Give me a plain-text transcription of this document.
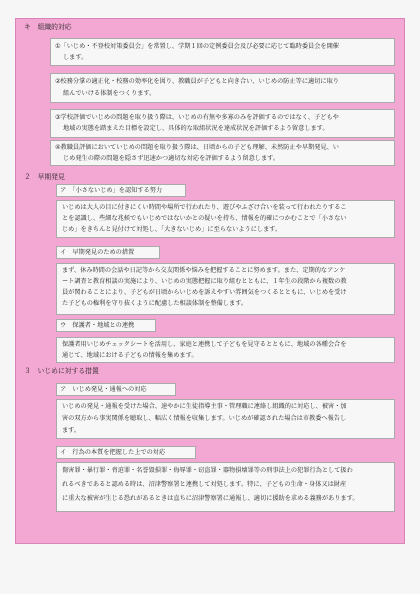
キ　組織的対応
①「いじめ・不登校対策委員会」を常置し、学期１回の定例委員会及び必要に応じて臨時委員会を開催
します。
②校務分掌の適正化・校務の効率化を図り、教職員が子どもと向き合い、いじめの防止等に適切に取り
組んでいける体制をつくります。
③学校評価でいじめの問題を取り扱う際は、いじめの有無や多寡のみを評価するのではなく、子どもや
地域の実態を踏まえた目標を設定し、具体的な取組状況を達成状況を評価するよう留意します。
④教職員評価においていじめの問題を取り扱う際は、日頃からの子ども理解、未然防止や早期発見、い
じめ発生の際の問題を隠さず迅速かつ適切な対応を評価するよう留意します。
２　早期発見
ア　「小さないじめ」を認知する努力
いじめは大人の目に付きにくい時間や場所で行われたり、遊びやふざけ合いを装って行われたりするこ
とを認識し、些細な兆候でもいじめではないかとの疑いを持ち、情報を的確につかむことで「小さない
じめ」をきちんと見付けて対処し、「大きないじめ」に至らないようにします。
イ　早期発見のための措置
まず、休み時間の会話や日記等から交友関係や悩みを把握することに努めます。また、定期的なアンケ
ート調査と教育相談の実施により、いじめの実態把握に取り組むとともに、１年生の段階から複数の教
員が関わることにより、子どもが日頃からいじめを訴えやすい雰囲気をつくるとともに、いじめを受け
た子どもの権利を守り抜くように配慮した相談体制を整備します。
ウ　保護者・地域との連携
保護者用いじめチェックシートを活用し、家庭と連携して子どもを見守るとともに、地域の各種会合を
通じて、地域における子どもの情報を集めます。
３　いじめに対する措置
ア　いじめ発見・通報への対応
いじめの発見・通報を受けた場合、速やかに生徒指導主事・管理職に連絡し組織的に対応し、被害・加
害の双方から事実関係を聴取し、幅広く情報を収集します。いじめが確認された場合は市教委へ報告し
ます。
イ　行為の本質を把握した上での対応
傷害罪・暴行罪・脅迫罪・名誉毀損罪・侮辱罪・窃盗罪・器物損壊罪等の刑事法上の犯罪行為として扱わ
れるべきであると認める時は、沼津警察署と連携して対処します。特に、子どもの生命・身体又は財産
に重大な被害が生じる恐れがあるときは直ちに沼津警察署に通報し、適切に援助を求める義務があります。
